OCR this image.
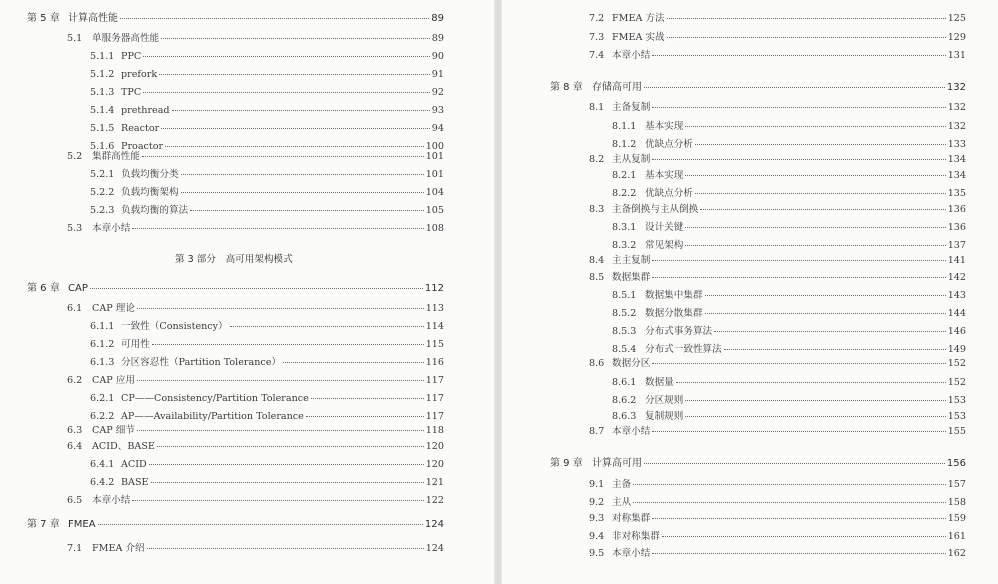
第 5 章 计算高性能	89
5.1	单服务器高性能	89
5.1.1 PPC	90
5.1.2 prefork	91
5.1.3 TPC	92
5.1.4 prethread	93
5.1.5 Reactor	94
5.1.6 Proactor	100
5.2	集群高性能	101
5.2.1 负载均衡分类	101
5.2.2 负载均衡架构	104
5.2.3 负载均衡的算法	105
5.3	本章小结	108
第 6 章 CAP	112
6.1	CAP 理论	113
6.1.1 一致性（Consistency）	114
6.1.2 可用性	115
6.1.3 分区容忍性（Partition Tolerance）	116
6.2	CAP 应用	117
6.2.1 CP——Consistency/Partition Tolerance	117
6.2.2 AP——Availability/Partition Tolerance	117
6.3	CAP 细节	118
6.4	ACID、BASE	120
6.4.1 ACID	120
6.4.2 BASE	121
6.5	本章小结	122
第 7 章 FMEA	124
7.1	FMEA 介绍	124
7.2 FMEA 方法	125
7.3 FMEA 实战	129
7.4 本章小结	131
第 8 章 存储高可用	132
8.1 主备复制	132
8.1.1 基本实现	132
8.1.2 优缺点分析	133
8.2 主从复制	134
8.2.1 基本实现	134
8.2.2 优缺点分析	135
8.3 主备倒换与主从倒换	136
8.3.1 设计关键	136
8.3.2 常见架构	137
8.4 主主复制	141
8.5 数据集群	142
8.5.1 数据集中集群	143
8.5.2 数据分散集群	144
8.5.3 分布式事务算法	146
8.5.4 分布式一致性算法	149
8.6 数据分区	152
8.6.1 数据量	152
8.6.2 分区规则	153
8.6.3 复制规则	153
8.7 本章小结	155
第 9 章 计算高可用	156
9.1 主备	157
9.2 主从	158
9.3 对称集群	159
9.4 非对称集群	161
9.5 本章小结	162
第 3 部分　高可用架构模式
